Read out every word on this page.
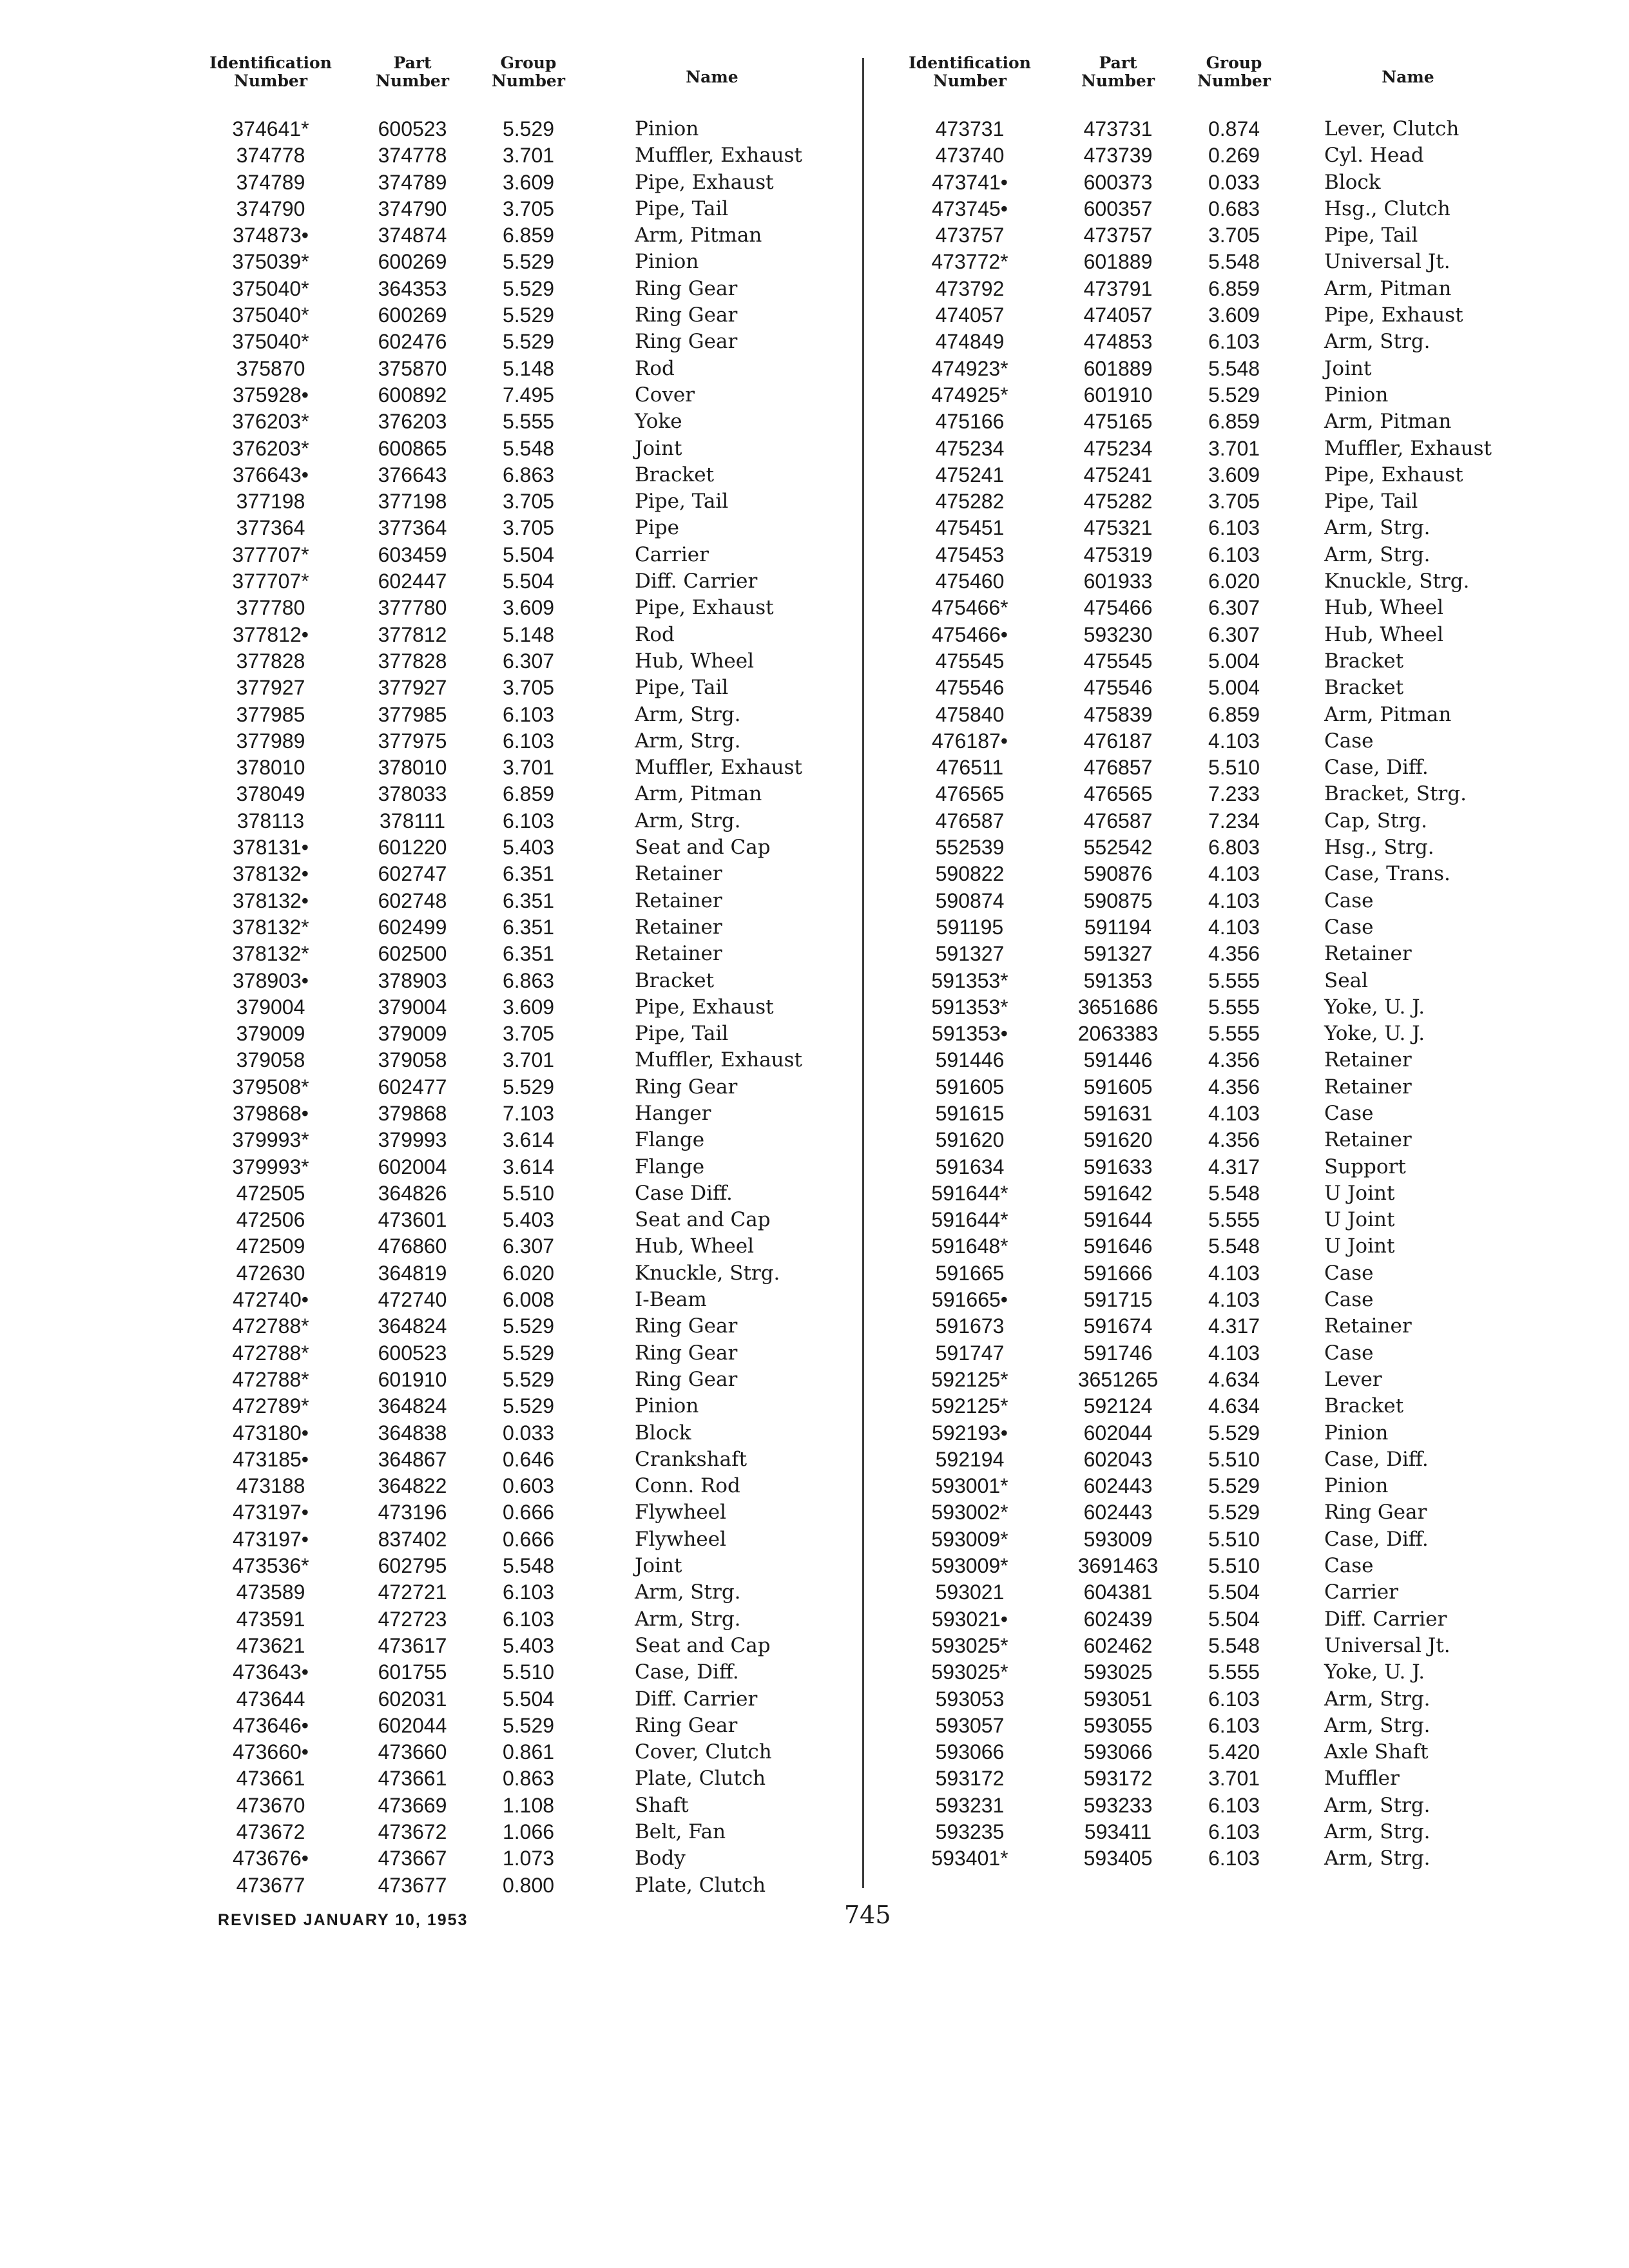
Identification
Number
Part
Number
Group
Number	Name
374641*	600523	5.529	Pinion
374778	374778	3.701	Muffler, Exhaust
374789	374789	3.609	Pipe, Exhaust
374790	374790	3.705	Pipe, Tail
374873•	374874	6.859	Arm, Pitman
375039*	600269	5.529	Pinion
375040*	364353	5.529	Ring Gear
375040*	600269	5.529	Ring Gear
375040*	602476	5.529	Ring Gear
375870	375870	5.148	Rod
375928•	600892	7.495	Cover
376203*	376203	5.555	Yoke
376203*	600865	5.548	Joint
376643•	376643	6.863	Bracket
377198	377198	3.705	Pipe, Tail
377364	377364	3.705	Pipe
377707*	603459	5.504	Carrier
377707*	602447	5.504	Diff. Carrier
377780	377780	3.609	Pipe, Exhaust
377812•	377812	5.148	Rod
377828	377828	6.307	Hub, Wheel
377927	377927	3.705	Pipe, Tail
377985	377985	6.103	Arm, Strg.
377989	377975	6.103	Arm, Strg.
378010	378010	3.701	Muffler, Exhaust
378049	378033	6.859	Arm, Pitman
378113	378111	6.103	Arm, Strg.
378131•	601220	5.403	Seat and Cap
378132•	602747	6.351	Retainer
378132•	602748	6.351	Retainer
378132*	602499	6.351	Retainer
378132*	602500	6.351	Retainer
378903•	378903	6.863	Bracket
379004	379004	3.609	Pipe, Exhaust
379009	379009	3.705	Pipe, Tail
379058	379058	3.701	Muffler, Exhaust
379508*	602477	5.529	Ring Gear
379868•	379868	7.103	Hanger
379993*	379993	3.614	Flange
379993*	602004	3.614	Flange
472505	364826	5.510	Case Diff.
472506	473601	5.403	Seat and Cap
472509	476860	6.307	Hub, Wheel
472630	364819	6.020	Knuckle, Strg.
472740•	472740	6.008	I-Beam
472788*	364824	5.529	Ring Gear
472788*	600523	5.529	Ring Gear
472788*	601910	5.529	Ring Gear
472789*	364824	5.529	Pinion
473180•	364838	0.033	Block
473185•	364867	0.646	Crankshaft
473188	364822	0.603	Conn. Rod
473197•	473196	0.666	Flywheel
473197•	837402	0.666	Flywheel
473536*	602795	5.548	Joint
473589	472721	6.103	Arm, Strg.
473591	472723	6.103	Arm, Strg.
473621	473617	5.403	Seat and Cap
473643•	601755	5.510	Case, Diff.
473644	602031	5.504	Diff. Carrier
473646•	602044	5.529	Ring Gear
473660•	473660	0.861	Cover, Clutch
473661	473661	0.863	Plate, Clutch
473670	473669	1.108	Shaft
473672	473672	1.066	Belt, Fan
473676•	473667	1.073	Body
473677	473677	0.800	Plate, Clutch
Identification
Number
Part
Number
Group
Number	Name
473731	473731	0.874	Lever, Clutch
473740	473739	0.269	Cyl. Head
473741•	600373	0.033	Block
473745•	600357	0.683	Hsg., Clutch
473757	473757	3.705	Pipe, Tail
473772*	601889	5.548	Universal Jt.
473792	473791	6.859	Arm, Pitman
474057	474057	3.609	Pipe, Exhaust
474849	474853	6.103	Arm, Strg.
474923*	601889	5.548	Joint
474925*	601910	5.529	Pinion
475166	475165	6.859	Arm, Pitman
475234	475234	3.701	Muffler, Exhaust
475241	475241	3.609	Pipe, Exhaust
475282	475282	3.705	Pipe, Tail
475451	475321	6.103	Arm, Strg.
475453	475319	6.103	Arm, Strg.
475460	601933	6.020	Knuckle, Strg.
475466*	475466	6.307	Hub, Wheel
475466•	593230	6.307	Hub, Wheel
475545	475545	5.004	Bracket
475546	475546	5.004	Bracket
475840	475839	6.859	Arm, Pitman
476187•	476187	4.103	Case
476511	476857	5.510	Case, Diff.
476565	476565	7.233	Bracket, Strg.
476587	476587	7.234	Cap, Strg.
552539	552542	6.803	Hsg., Strg.
590822	590876	4.103	Case, Trans.
590874	590875	4.103	Case
591195	591194	4.103	Case
591327	591327	4.356	Retainer
591353*	591353	5.555	Seal
591353*	3651686	5.555	Yoke, U. J.
591353•	2063383	5.555	Yoke, U. J.
591446	591446	4.356	Retainer
591605	591605	4.356	Retainer
591615	591631	4.103	Case
591620	591620	4.356	Retainer
591634	591633	4.317	Support
591644*	591642	5.548	U Joint
591644*	591644	5.555	U Joint
591648*	591646	5.548	U Joint
591665	591666	4.103	Case
591665•	591715	4.103	Case
591673	591674	4.317	Retainer
591747	591746	4.103	Case
592125*	3651265	4.634	Lever
592125*	592124	4.634	Bracket
592193•	602044	5.529	Pinion
592194	602043	5.510	Case, Diff.
593001*	602443	5.529	Pinion
593002*	602443	5.529	Ring Gear
593009*	593009	5.510	Case, Diff.
593009*	3691463	5.510	Case
593021	604381	5.504	Carrier
593021•	602439	5.504	Diff. Carrier
593025*	602462	5.548	Universal Jt.
593025*	593025	5.555	Yoke, U. J.
593053	593051	6.103	Arm, Strg.
593057	593055	6.103	Arm, Strg.
593066	593066	5.420	Axle Shaft
593172	593172	3.701	Muffler
593231	593233	6.103	Arm, Strg.
593235	593411	6.103	Arm, Strg.
593401*	593405	6.103	Arm, Strg.
REVISED JANUARY 10, 1953	745
